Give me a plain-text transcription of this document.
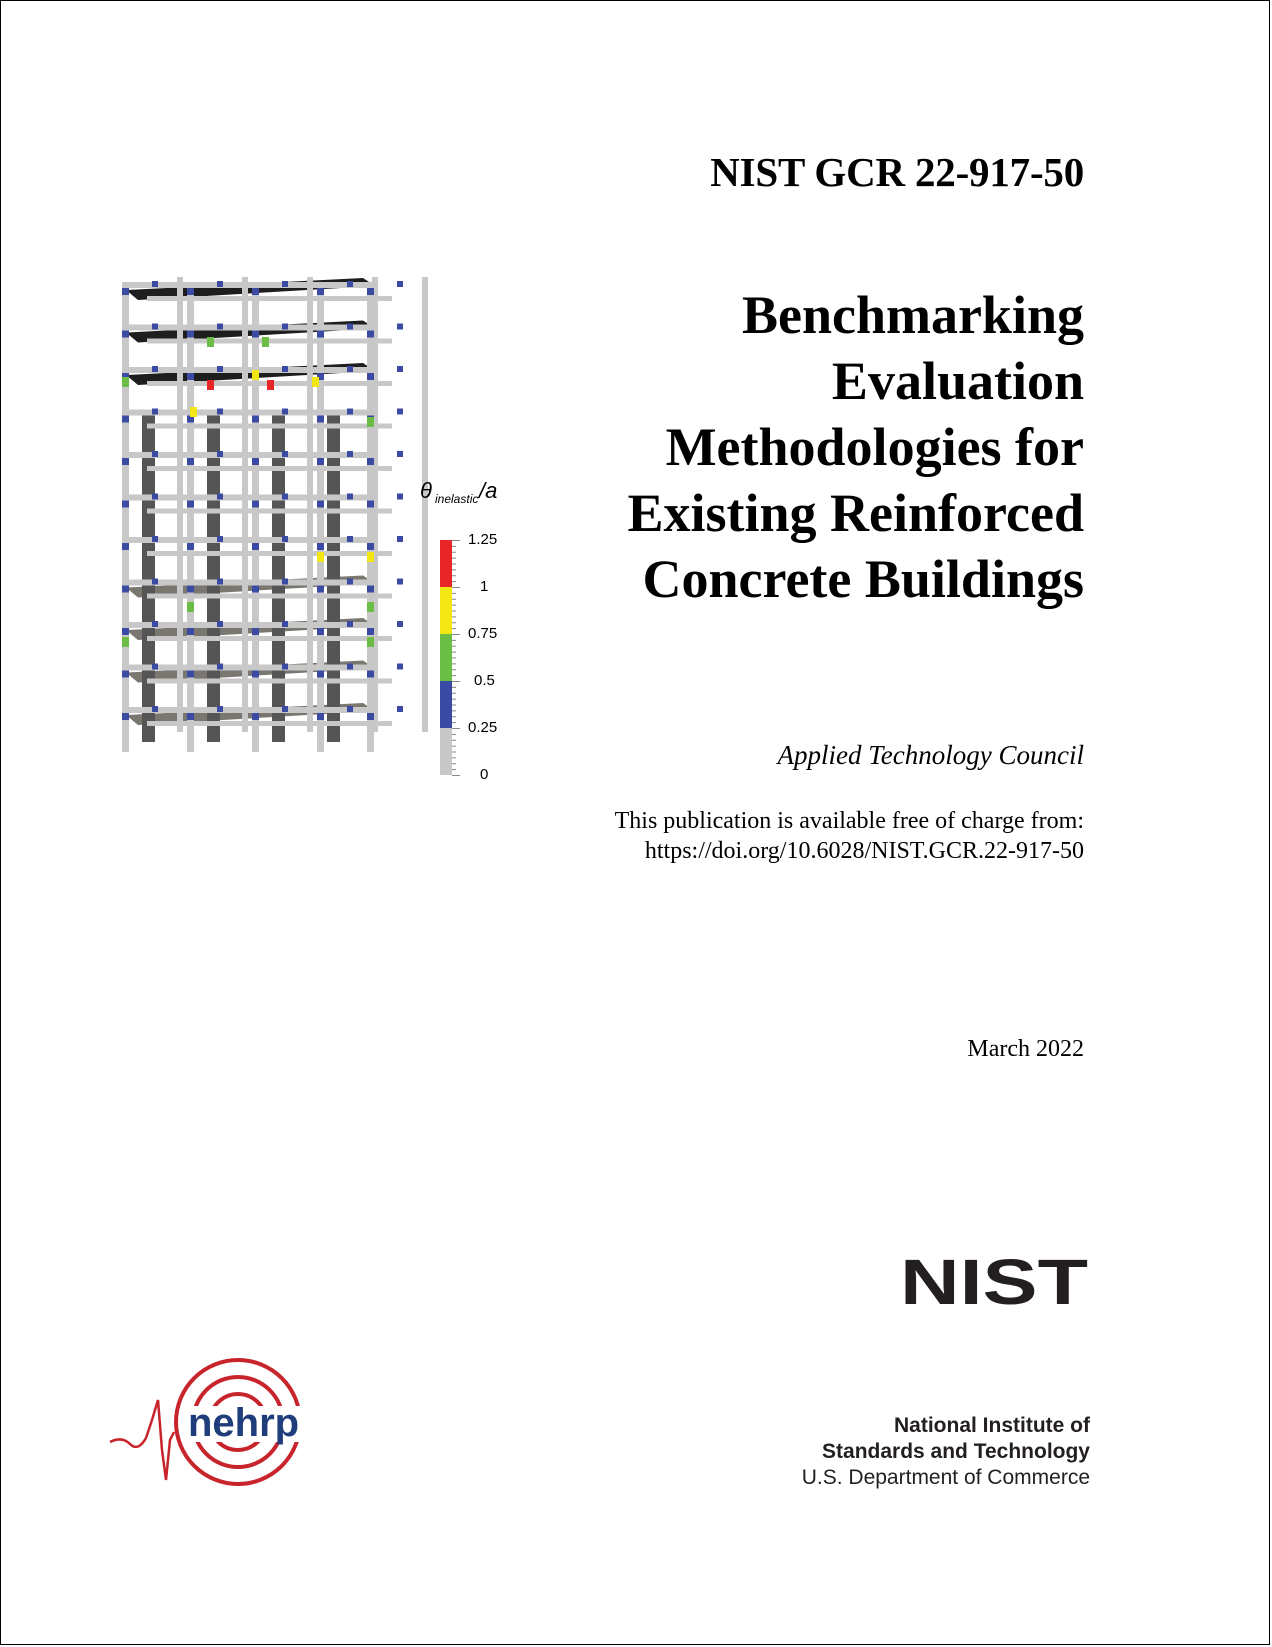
NIST GCR 22-917-50
Benchmarking
Evaluation
Methodologies for
Existing Reinforced
Concrete Buildings
Applied Technology Council
This publication is available free of charge from:
https://doi.org/10.6028/NIST.GCR.22-917-50
March 2022
θ inelastic /a
1.25
1
0.75
0.5
0.25
0
nehrp
NIST
National Institute of
Standards and Technology
U.S. Department of Commerce
